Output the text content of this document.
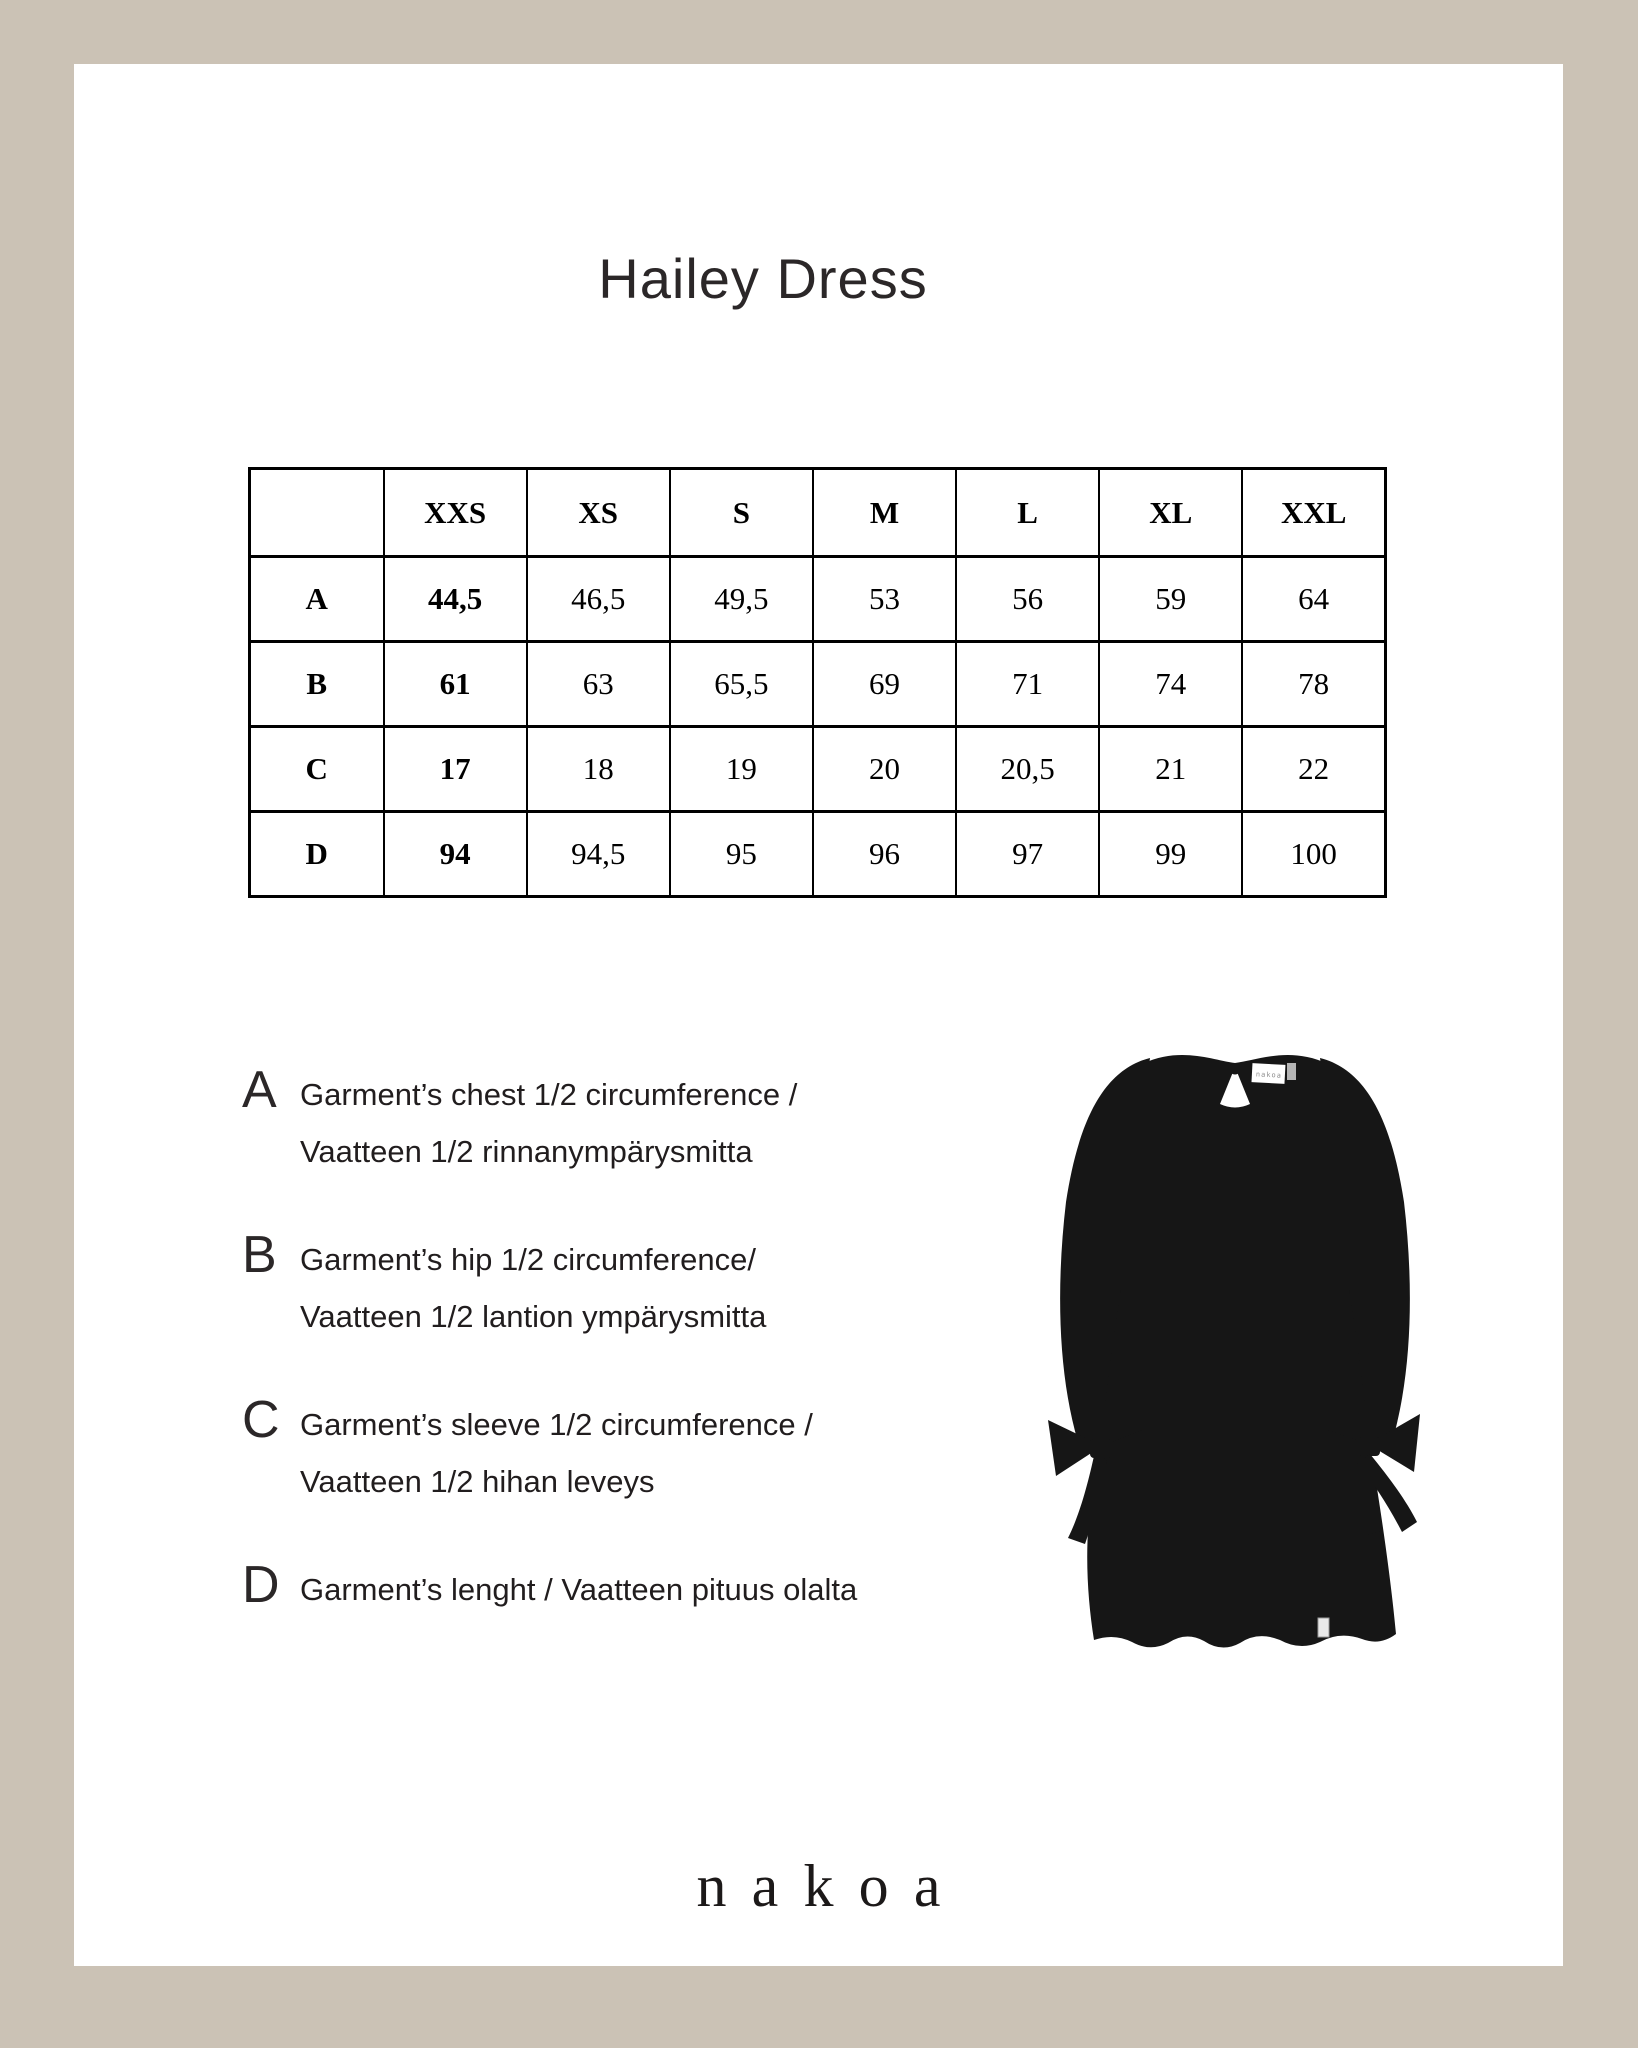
Hailey Dress
	XXS	XS	S	M	L	XL	XXL
A	44,5	46,5	49,5	53	56	59	64
B	61	63	65,5	69	71	74	78
C	17	18	19	20	20,5	21	22
D	94	94,5	95	96	97	99	100
A Garment’s chest 1/2 circumference /
Vaatteen 1/2 rinnanympärysmitta
B Garment’s hip 1/2 circumference/
Vaatteen 1/2 lantion ympärysmitta
C Garment’s sleeve 1/2 circumference /
Vaatteen 1/2 hihan leveys
D Garment’s lenght / Vaatteen pituus olalta
nakoa
nakoa
